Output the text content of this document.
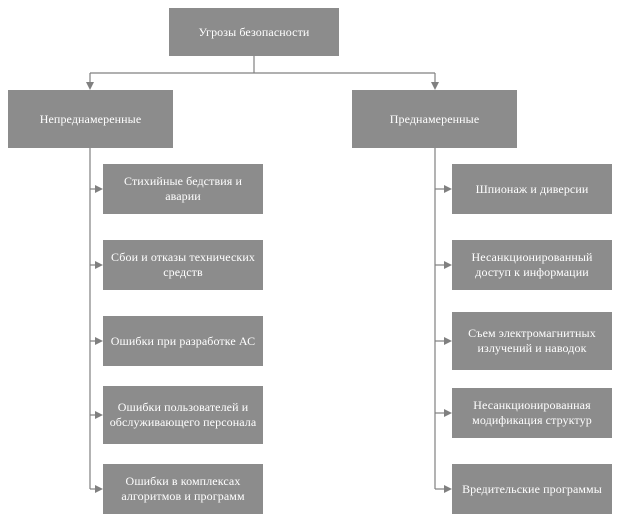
Угрозы безопасности
Непреднамеренные
Стихийные бедствия и аварии
Сбои и отказы технических средств
Ошибки при разработке АС
Ошибки пользователей и обслуживающего персонала
Ошибки в комплексах алгоритмов и программ
Преднамеренные
Шпионаж и диверсии
Несанкционированный доступ к информации
Съем электромагнитных излучений и наводок
Несанкционированная модификация структур
Вредительские программы
